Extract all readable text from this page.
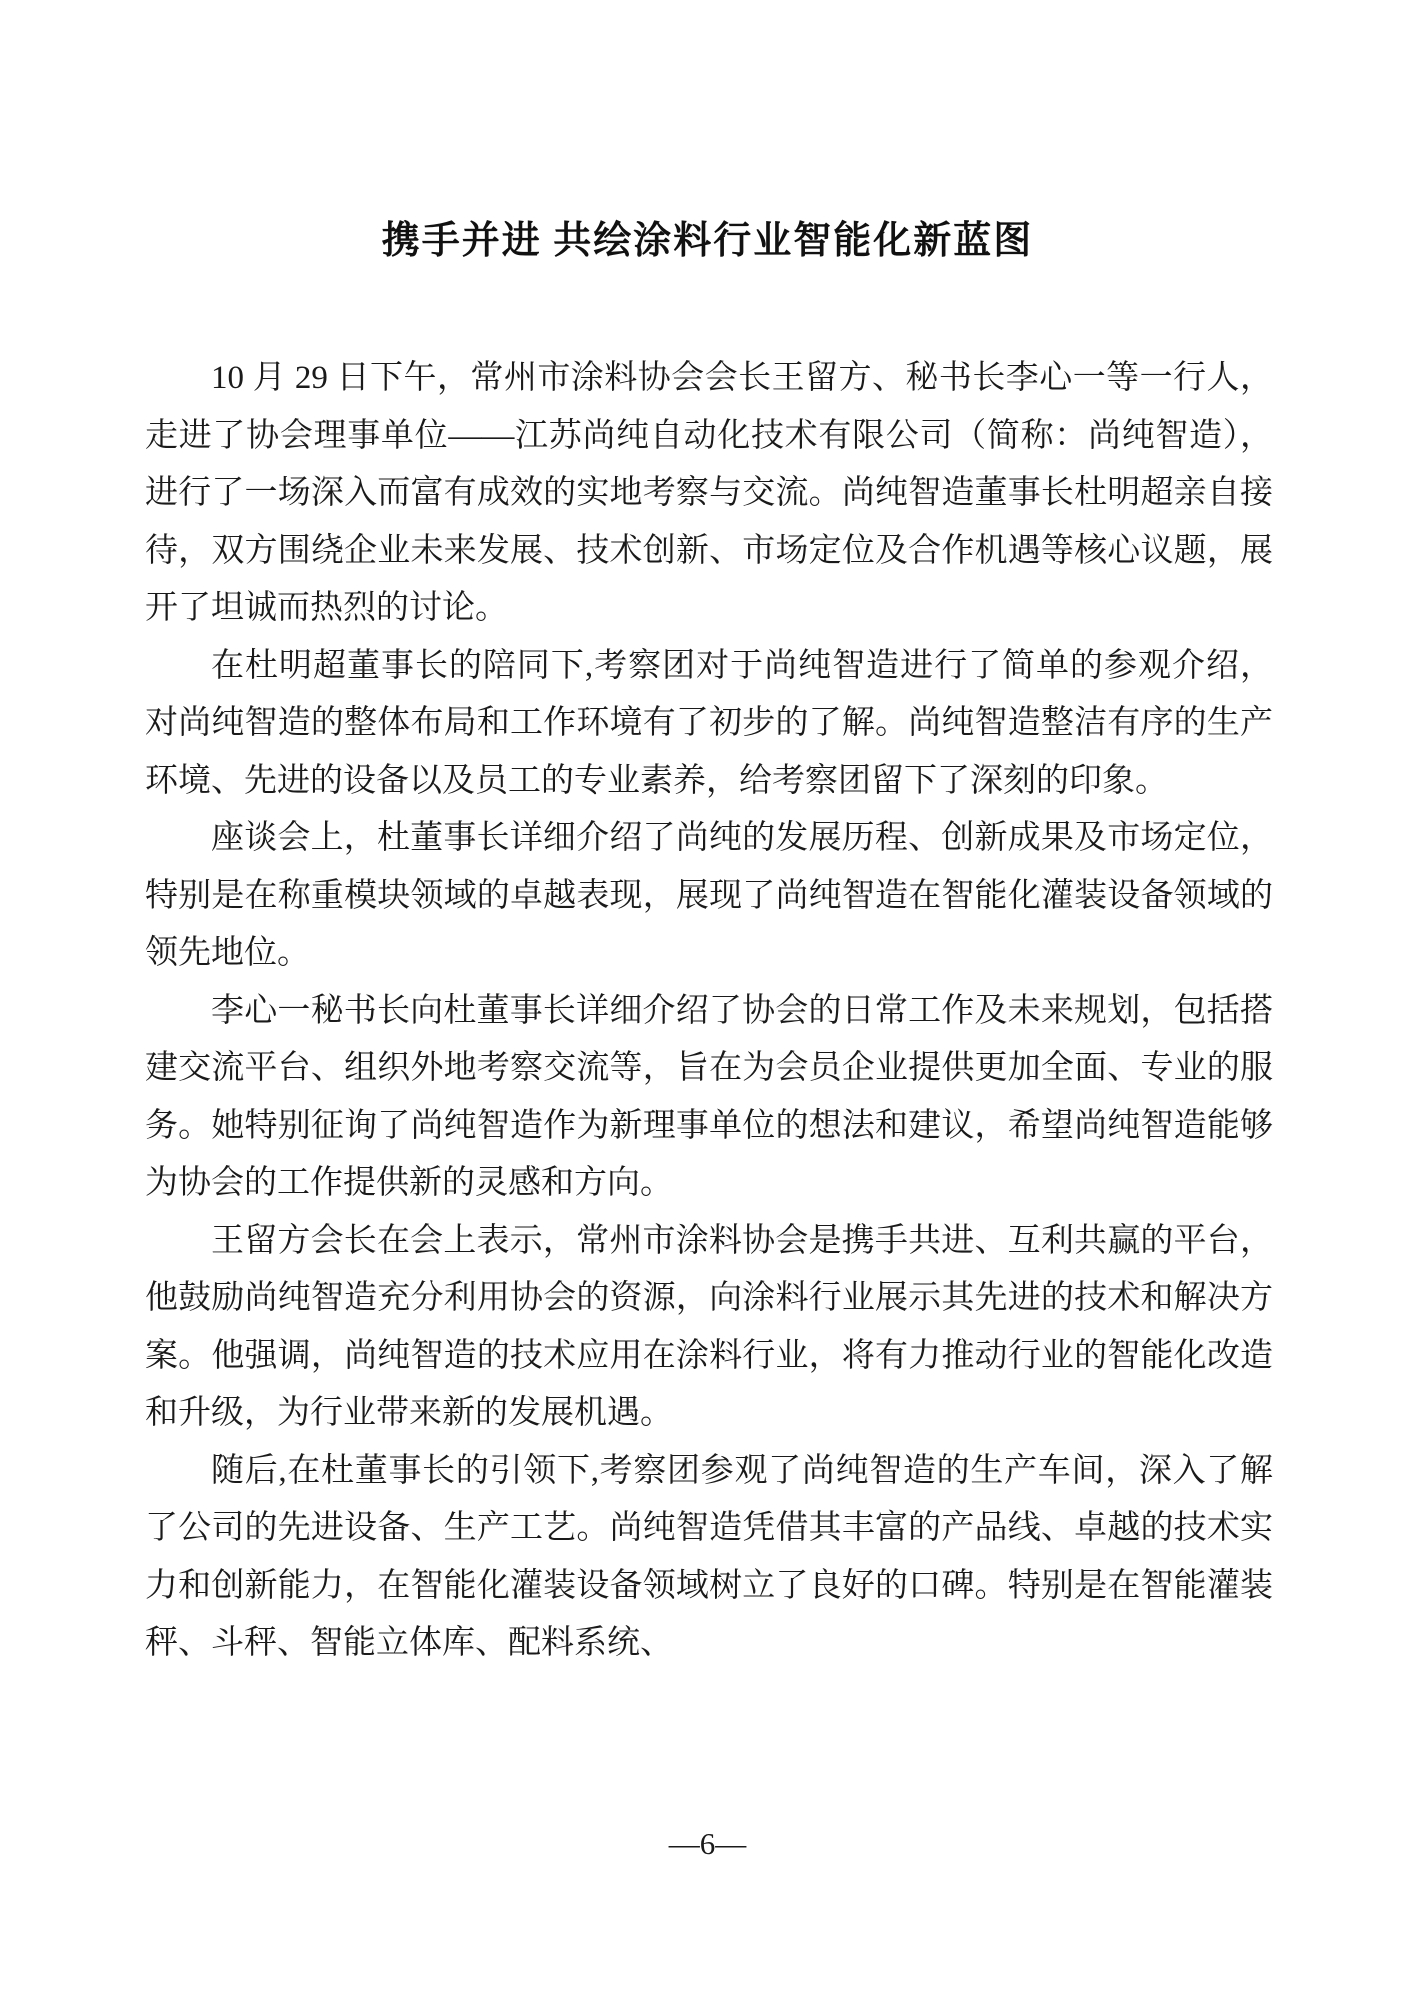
携手并进 共绘涂料行业智能化新蓝图

10 月 29 日下午，常州市涂料协会会长王留方、秘书长李心一等一行人，走进了协会理事单位——江苏尚纯自动化技术有限公司（简称：尚纯智造），进行了一场深入而富有成效的实地考察与交流。尚纯智造董事长杜明超亲自接待，双方围绕企业未来发展、技术创新、市场定位及合作机遇等核心议题，展开了坦诚而热烈的讨论。

在杜明超董事长的陪同下,考察团对于尚纯智造进行了简单的参观介绍，对尚纯智造的整体布局和工作环境有了初步的了解。尚纯智造整洁有序的生产环境、先进的设备以及员工的专业素养，给考察团留下了深刻的印象。

座谈会上，杜董事长详细介绍了尚纯的发展历程、创新成果及市场定位，特别是在称重模块领域的卓越表现，展现了尚纯智造在智能化灌装设备领域的领先地位。

李心一秘书长向杜董事长详细介绍了协会的日常工作及未来规划，包括搭建交流平台、组织外地考察交流等，旨在为会员企业提供更加全面、专业的服务。她特别征询了尚纯智造作为新理事单位的想法和建议，希望尚纯智造能够为协会的工作提供新的灵感和方向。

王留方会长在会上表示，常州市涂料协会是携手共进、互利共赢的平台，他鼓励尚纯智造充分利用协会的资源，向涂料行业展示其先进的技术和解决方案。他强调，尚纯智造的技术应用在涂料行业，将有力推动行业的智能化改造和升级，为行业带来新的发展机遇。

随后,在杜董事长的引领下,考察团参观了尚纯智造的生产车间，深入了解了公司的先进设备、生产工艺。尚纯智造凭借其丰富的产品线、卓越的技术实力和创新能力，在智能化灌装设备领域树立了良好的口碑。特别是在智能灌装秤、斗秤、智能立体库、配料系统、

—6—
